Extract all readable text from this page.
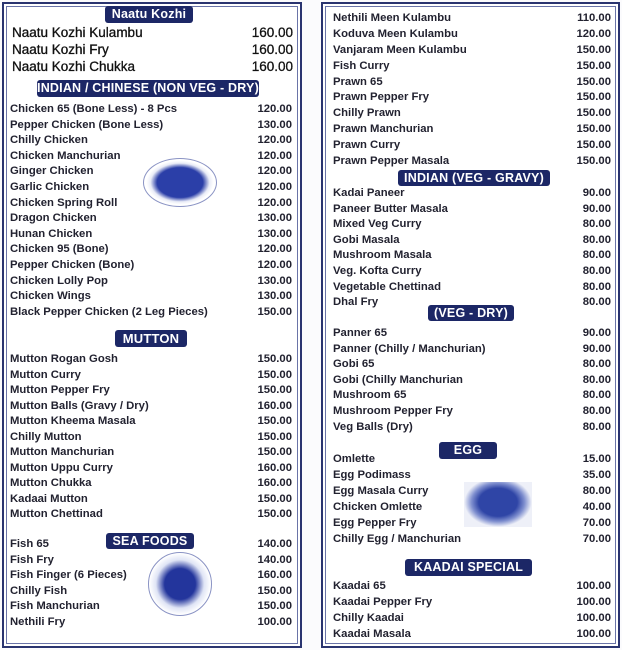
Naatu Kozhi
Naatu Kozhi Kulambu	160.00
Naatu Kozhi Fry	160.00
Naatu Kozhi Chukka	160.00
INDIAN / CHINESE (NON VEG - DRY)
Chicken 65 (Bone Less) - 8 Pcs	120.00
Pepper Chicken (Bone Less)	130.00
Chilly Chicken	120.00
Chicken Manchurian	120.00
Ginger Chicken	120.00
Garlic Chicken	120.00
Chicken Spring Roll	120.00
Dragon Chicken	130.00
Hunan Chicken	130.00
Chicken 95 (Bone)	120.00
Pepper Chicken (Bone)	120.00
Chicken Lolly Pop	130.00
Chicken Wings	130.00
Black Pepper Chicken (2 Leg Pieces)	150.00
MUTTON
Mutton Rogan Gosh	150.00
Mutton Curry	150.00
Mutton Pepper Fry	150.00
Mutton Balls (Gravy / Dry)	160.00
Mutton Kheema Masala	150.00
Chilly Mutton	150.00
Mutton Manchurian	150.00
Mutton Uppu Curry	160.00
Mutton Chukka	160.00
Kadaai Mutton	150.00
Mutton Chettinad	150.00
SEA FOODS
Fish 65	140.00
Fish Fry	140.00
Fish Finger (6 Pieces)	160.00
Chilly Fish	150.00
Fish Manchurian	150.00
Nethili Fry	100.00
Nethili Meen Kulambu	110.00
Koduva Meen Kulambu	120.00
Vanjaram Meen Kulambu	150.00
Fish Curry	150.00
Prawn 65	150.00
Prawn Pepper Fry	150.00
Chilly Prawn	150.00
Prawn Manchurian	150.00
Prawn Curry	150.00
Prawn Pepper Masala	150.00
INDIAN (VEG - GRAVY)
Kadai Paneer	90.00
Paneer Butter Masala	90.00
Mixed Veg Curry	80.00
Gobi Masala	80.00
Mushroom Masala	80.00
Veg. Kofta Curry	80.00
Vegetable Chettinad	80.00
Dhal Fry	80.00
(VEG - DRY)
Panner 65	90.00
Panner (Chilly / Manchurian)	90.00
Gobi 65	80.00
Gobi (Chilly Manchurian	80.00
Mushroom 65	80.00
Mushroom Pepper Fry	80.00
Veg Balls (Dry)	80.00
EGG
Omlette	15.00
Egg Podimass	35.00
Egg Masala Curry	80.00
Chicken Omlette	40.00
Egg Pepper Fry	70.00
Chilly Egg / Manchurian	70.00
KAADAI SPECIAL
Kaadai 65	100.00
Kaadai Pepper Fry	100.00
Chilly Kaadai	100.00
Kaadai Masala	100.00
